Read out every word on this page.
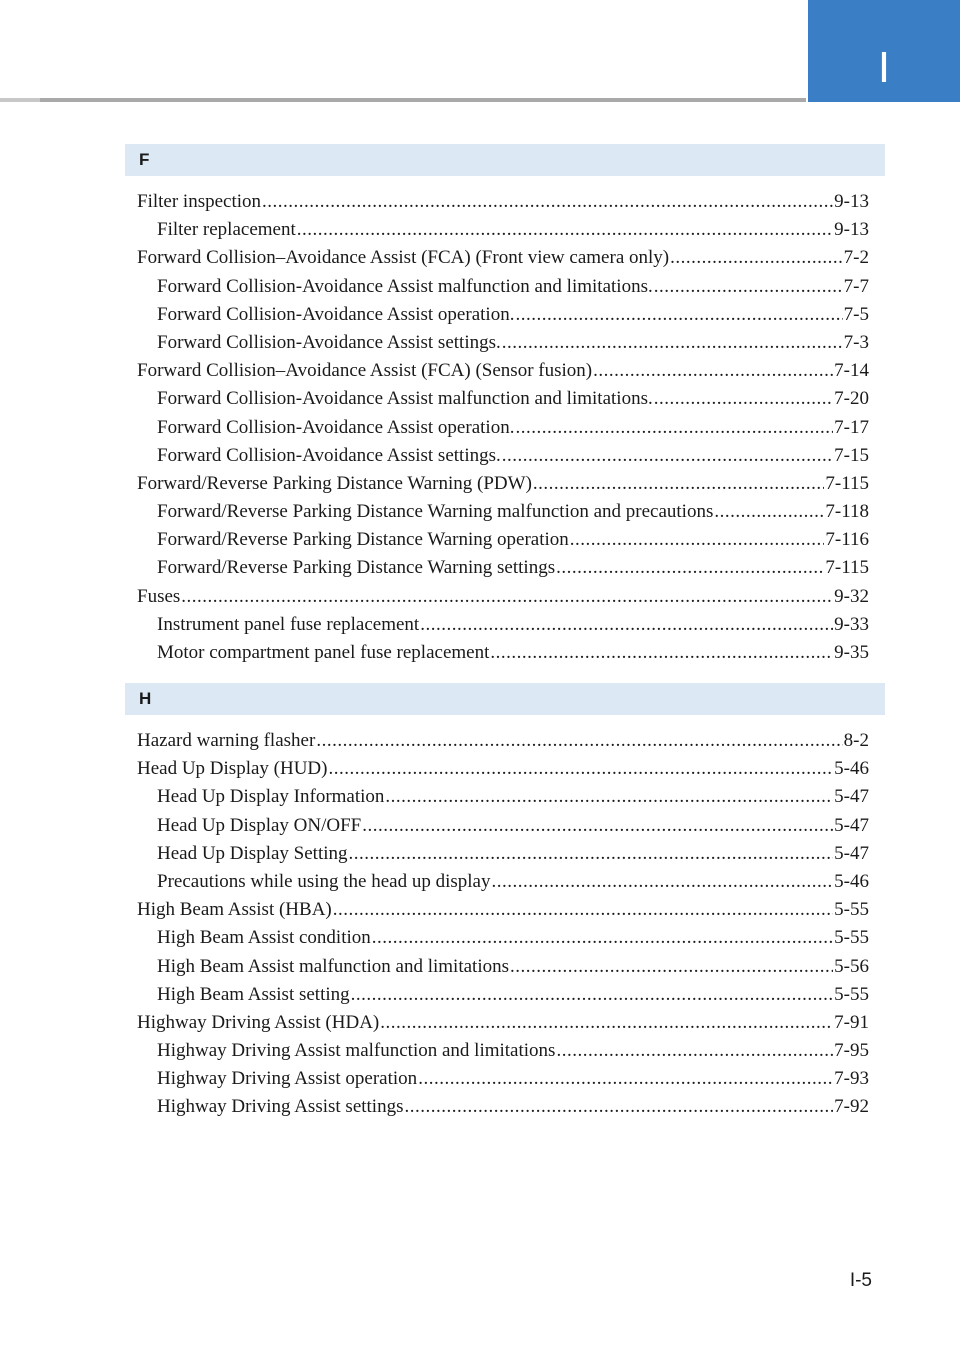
I
F
Filter inspection .....	9-13
Filter replacement .....	9-13
Forward Collision–Avoidance Assist (FCA) (Front view camera only) .....	7-2
Forward Collision-Avoidance Assist malfunction and limitations. .....	7-7
Forward Collision-Avoidance Assist operation. .....	7-5
Forward Collision-Avoidance Assist settings. .....	7-3
Forward Collision–Avoidance Assist (FCA) (Sensor fusion) .....	7-14
Forward Collision-Avoidance Assist malfunction and limitations. .....	7-20
Forward Collision-Avoidance Assist operation. .....	7-17
Forward Collision-Avoidance Assist settings. .....	7-15
Forward/Reverse Parking Distance Warning (PDW) .....	7-115
Forward/Reverse Parking Distance Warning malfunction and precautions .....	7-118
Forward/Reverse Parking Distance Warning operation .....	7-116
Forward/Reverse Parking Distance Warning settings .....	7-115
Fuses .....	9-32
Instrument panel fuse replacement .....	9-33
Motor compartment panel fuse replacement .....	9-35
H
Hazard warning flasher .....	8-2
Head Up Display (HUD) .....	5-46
Head Up Display Information .....	5-47
Head Up Display ON/OFF .....	5-47
Head Up Display Setting .....	5-47
Precautions while using the head up display .....	5-46
High Beam Assist (HBA) .....	5-55
High Beam Assist condition .....	5-55
High Beam Assist malfunction and limitations .....	5-56
High Beam Assist setting .....	5-55
Highway Driving Assist (HDA) .....	7-91
Highway Driving Assist malfunction and limitations .....	7-95
Highway Driving Assist operation .....	7-93
Highway Driving Assist settings .....	7-92
I-5
